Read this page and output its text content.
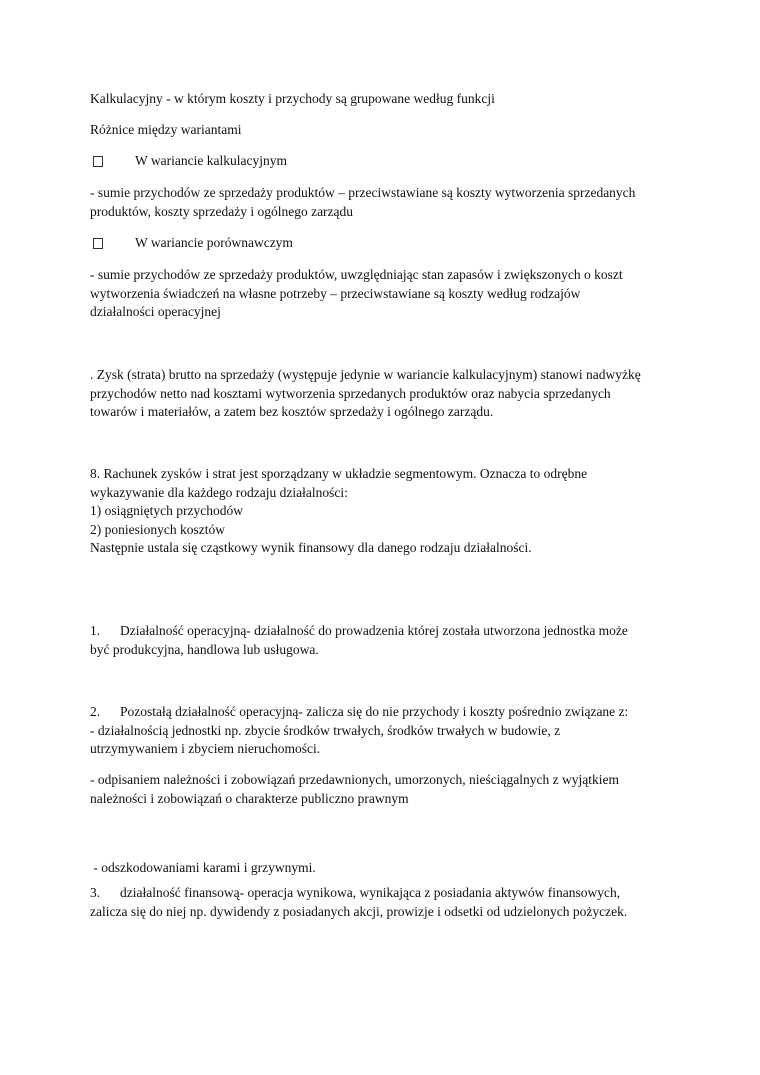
Kalkulacyjny - w którym koszty i przychody są grupowane według funkcji
Różnice między wariantami
W wariancie kalkulacyjnym
- sumie przychodów ze sprzedaży produktów – przeciwstawiane są koszty wytworzenia sprzedanych
produktów, koszty sprzedaży i ogólnego zarządu
W wariancie porównawczym
- sumie przychodów ze sprzedaży produktów, uwzględniając stan zapasów i zwiększonych o koszt
wytworzenia świadczeń na własne potrzeby – przeciwstawiane są koszty według rodzajów
działalności operacyjnej
. Zysk (strata) brutto na sprzedaży (występuje jedynie w wariancie kalkulacyjnym) stanowi nadwyżkę
przychodów netto nad kosztami wytworzenia sprzedanych produktów oraz nabycia sprzedanych
towarów i materiałów, a zatem bez kosztów sprzedaży i ogólnego zarządu.
8. Rachunek zysków i strat jest sporządzany w układzie segmentowym. Oznacza to odrębne
wykazywanie dla każdego rodzaju działalności:
1) osiągniętych przychodów
2) poniesionych kosztów
Następnie ustala się cząstkowy wynik finansowy dla danego rodzaju działalności.
1. Działalność operacyjną- działalność do prowadzenia której została utworzona jednostka może
być produkcyjna, handlowa lub usługowa.
2. Pozostałą działalność operacyjną- zalicza się do nie przychody i koszty pośrednio związane z:
- działalnością jednostki np. zbycie środków trwałych, środków trwałych w budowie, z
utrzymywaniem i zbyciem nieruchomości.
- odpisaniem należności i zobowiązań przedawnionych, umorzonych, nieściągalnych z wyjątkiem
należności i zobowiązań o charakterze publiczno prawnym

- odszkodowaniami karami i grzywnymi.

3. działalność finansową- operacja wynikowa, wynikająca z posiadania aktywów finansowych,
zalicza się do niej np. dywidendy z posiadanych akcji, prowizje i odsetki od udzielonych pożyczek.
